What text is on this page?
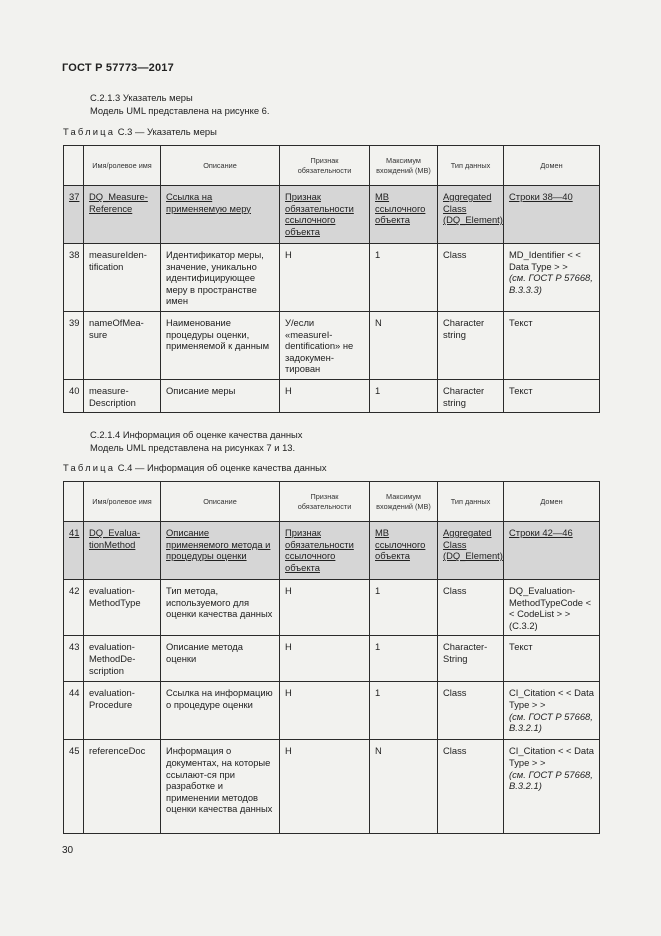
ГОСТ Р 57773—2017
С.2.1.3 Указатель меры
Модель UML представлена на рисунке 6.
Таблица С.3 — Указатель меры
	Имя/ролевое имя	Описание	Признак обязательности	Максимум вхождений (МВ)	Тип данных	Домен
37	DQ_Measure-Reference	Ссылка на применяемую меру	Признак обязательности ссылочного объекта	МВ ссылочного объекта	Aggregated Class (DQ_Element)	Строки 38—40

38	measureIden-tification	Идентификатор меры, значение, уникально идентифицирующее меру в пространстве имен	Н	1	Class	MD_Identifier < < Data Type > >
(см. ГОСТ Р 57668, B.3.3.3)

39	nameOfMea-sure	Наименование процедуры оценки, применяемой к данным	У/если «measureI-dentification» не задокумен-тирован	N	Character string	Текст

40	measure-Description	Описание меры	Н	1	Character string	Текст
С.2.1.4 Информация об оценке качества данных
Модель UML представлена на рисунках 7 и 13.
Таблица С.4 — Информация об оценке качества данных
	Имя/ролевое имя	Описание	Признак обязательности	Максимум вхождений (МВ)	Тип данных	Домен
41	DQ_Evalua-tionMethod	Описание применяемого метода и процедуры оценки	Признак обязательности ссылочного объекта	МВ ссылочного объекта	Aggregated Class (DQ_Element)	Строки 42—46

42	evaluation-MethodType	Тип метода, используемого для оценки качества данных	Н	1	Class	DQ_Evaluation-MethodTypeCode < < CodeList > > (С.3.2)

43	evaluation-MethodDe-scription	Описание метода оценки	Н	1	Character-String	Текст

44	evaluation-Procedure	Ссылка на информацию о процедуре оценки	Н	1	Class	CI_Citation < < Data Type > >
(см. ГОСТ Р 57668, B.3.2.1)

45	referenceDoc	Информация о документах, на которые ссылают-ся при разработке и применении методов оценки качества данных	Н	N	Class	CI_Citation < < Data Type > >
(см. ГОСТ Р 57668, B.3.2.1)
30
